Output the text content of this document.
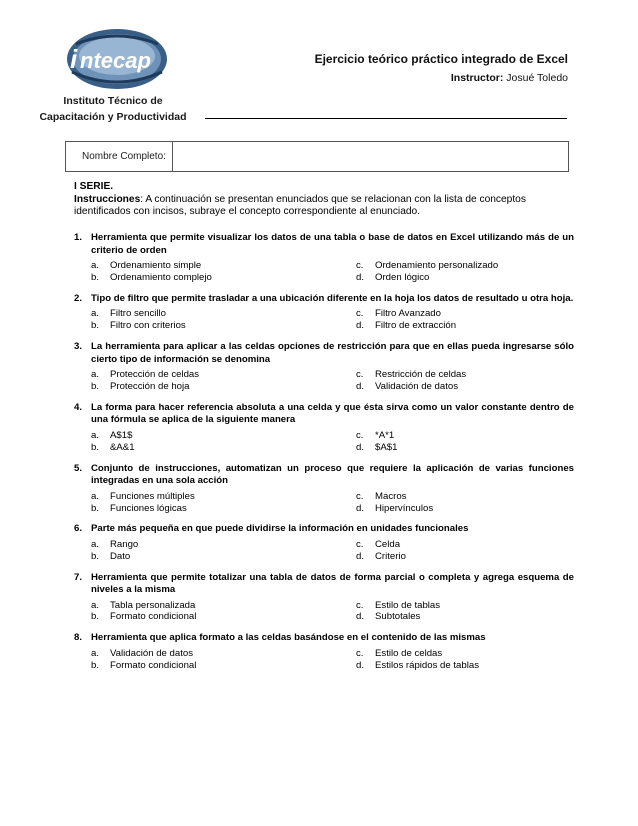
i ntecap
Instituto Técnico de
Capacitación y Productividad
Ejercicio teórico práctico integrado de Excel
Instructor: Josué Toledo
Nombre Completo:
I SERIE.
Instrucciones: A continuación se presentan enunciados que se relacionan con la lista de conceptos identificados con incisos, subraye el concepto correspondiente al enunciado.
1. Herramienta que permite visualizar los datos de una tabla o base de datos en Excel utilizando más de un criterio de orden
a.	Ordenamiento simple	c.	Ordenamiento personalizado
b.	Ordenamiento complejo	d.	Orden lógico
2. Tipo de filtro que permite trasladar a una ubicación diferente en la hoja los datos de resultado u otra hoja.
a.	Filtro sencillo	c.	Filtro Avanzado
b.	Filtro con criterios	d.	Filtro de extracción
3. La herramienta para aplicar a las celdas opciones de restricción para que en ellas pueda ingresarse sólo cierto tipo de información se denomina
a.	Protección de celdas	c.	Restricción de celdas
b.	Protección de hoja	d.	Validación de datos
4. La forma para hacer referencia absoluta a una celda y que ésta sirva como un valor constante dentro de una fórmula se aplica de la siguiente manera
a.	A$1$	c.	*A*1
b.	&A&1	d.	$A$1
5. Conjunto de instrucciones, automatizan un proceso que requiere la aplicación de varias funciones integradas en una sola acción
a.	Funciones múltiples	c.	Macros
b.	Funciones lógicas	d.	Hipervínculos
6. Parte más pequeña en que puede dividirse la información en unidades funcionales
a.	Rango	c.	Celda
b.	Dato	d.	Criterio
7. Herramienta que permite totalizar una tabla de datos de forma parcial o completa y agrega esquema de niveles a la misma
a.	Tabla personalizada	c.	Estilo de tablas
b.	Formato condicional	d.	Subtotales
8. Herramienta que aplica formato a las celdas basándose en el contenido de las mismas
a.	Validación de datos	c.	Estilo de celdas
b.	Formato condicional	d.	Estilos rápidos de tablas
